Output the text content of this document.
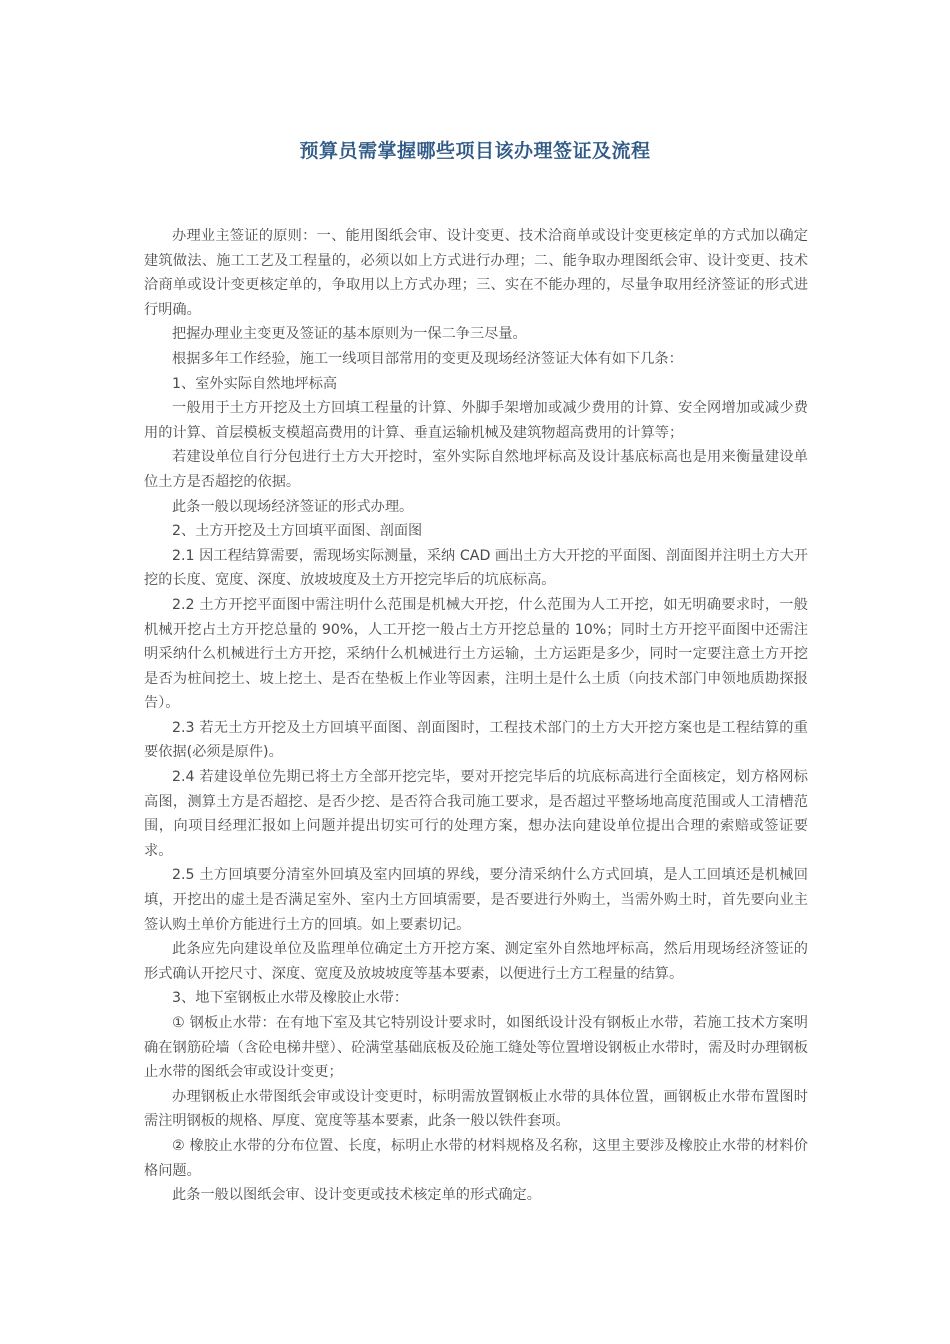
预算员需掌握哪些项目该办理签证及流程

办理业主签证的原则：一、能用图纸会审、设计变更、技术洽商单或设计变更核定单的方式加以确定建筑做法、施工工艺及工程量的，必须以如上方式进行办理；二、能争取办理图纸会审、设计变更、技术洽商单或设计变更核定单的，争取用以上方式办理；三、实在不能办理的，尽量争取用经济签证的形式进行明确。

把握办理业主变更及签证的基本原则为一保二争三尽量。

根据多年工作经验，施工一线项目部常用的变更及现场经济签证大体有如下几条：

1、室外实际自然地坪标高

一般用于土方开挖及土方回填工程量的计算、外脚手架增加或减少费用的计算、安全网增加或减少费用的计算、首层模板支模超高费用的计算、垂直运输机械及建筑物超高费用的计算等；

若建设单位自行分包进行土方大开挖时，室外实际自然地坪标高及设计基底标高也是用来衡量建设单位土方是否超挖的依据。

此条一般以现场经济签证的形式办理。

2、土方开挖及土方回填平面图、剖面图

2.1 因工程结算需要，需现场实际测量，采纳 CAD 画出土方大开挖的平面图、剖面图并注明土方大开挖的长度、宽度、深度、放坡坡度及土方开挖完毕后的坑底标高。

2.2 土方开挖平面图中需注明什么范围是机械大开挖，什么范围为人工开挖，如无明确要求时，一般机械开挖占土方开挖总量的 90%，人工开挖一般占土方开挖总量的 10%；同时土方开挖平面图中还需注明采纳什么机械进行土方开挖，采纳什么机械进行土方运输，土方运距是多少，同时一定要注意土方开挖是否为桩间挖土、坡上挖土、是否在垫板上作业等因素，注明土是什么土质（向技术部门申领地质勘探报告）。

2.3 若无土方开挖及土方回填平面图、剖面图时，工程技术部门的土方大开挖方案也是工程结算的重要依据(必须是原件)。

2.4 若建设单位先期已将土方全部开挖完毕，要对开挖完毕后的坑底标高进行全面核定，划方格网标高图，测算土方是否超挖、是否少挖、是否符合我司施工要求，是否超过平整场地高度范围或人工清槽范围，向项目经理汇报如上问题并提出切实可行的处理方案，想办法向建设单位提出合理的索赔或签证要求。

2.5 土方回填要分清室外回填及室内回填的界线，要分清采纳什么方式回填，是人工回填还是机械回填，开挖出的虚土是否满足室外、室内土方回填需要，是否要进行外购土，当需外购土时，首先要向业主签认购土单价方能进行土方的回填。如上要素切记。

此条应先向建设单位及监理单位确定土方开挖方案、测定室外自然地坪标高，然后用现场经济签证的形式确认开挖尺寸、深度、宽度及放坡坡度等基本要素，以便进行土方工程量的结算。

3、地下室钢板止水带及橡胶止水带：

① 钢板止水带：在有地下室及其它特别设计要求时，如图纸设计没有钢板止水带，若施工技术方案明确在钢筋砼墙（含砼电梯井壁）、砼满堂基础底板及砼施工缝处等位置增设钢板止水带时，需及时办理钢板止水带的图纸会审或设计变更；

办理钢板止水带图纸会审或设计变更时，标明需放置钢板止水带的具体位置，画钢板止水带布置图时需注明钢板的规格、厚度、宽度等基本要素，此条一般以铁件套项。

② 橡胶止水带的分布位置、长度，标明止水带的材料规格及名称，这里主要涉及橡胶止水带的材料价格问题。

此条一般以图纸会审、设计变更或技术核定单的形式确定。
